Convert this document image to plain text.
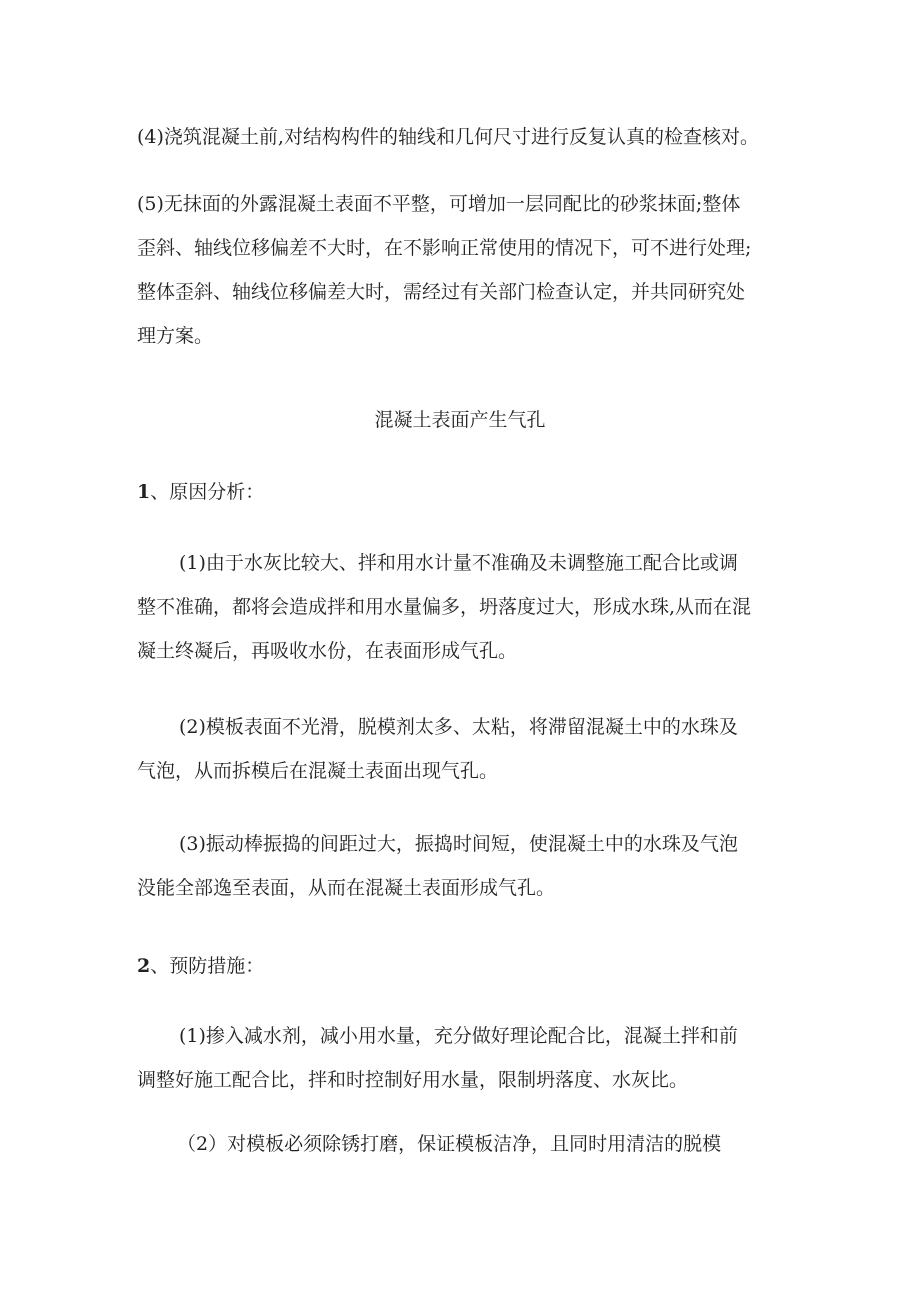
(4)浇筑混凝土前,对结构构件的轴线和几何尺寸进行反复认真的检查核对。

(5)无抹面的外露混凝土表面不平整，可增加一层同配比的砂浆抹面;整体
歪斜、轴线位移偏差不大时，在不影响正常使用的情况下，可不进行处理;
整体歪斜、轴线位移偏差大时，需经过有关部门检查认定，并共同研究处
理方案。

混凝土表面产生气孔

1、原因分析：

(1)由于水灰比较大、拌和用水计量不准确及未调整施工配合比或调
整不准确，都将会造成拌和用水量偏多，坍落度过大，形成水珠,从而在混
凝土终凝后，再吸收水份，在表面形成气孔。

(2)模板表面不光滑，脱模剂太多、太粘，将滞留混凝土中的水珠及
气泡，从而拆模后在混凝土表面出现气孔。

(3)振动棒振捣的间距过大，振捣时间短，使混凝土中的水珠及气泡
没能全部逸至表面，从而在混凝土表面形成气孔。

2、预防措施：

(1)掺入减水剂，减小用水量，充分做好理论配合比，混凝土拌和前
调整好施工配合比，拌和时控制好用水量，限制坍落度、水灰比。

（2）对模板必须除锈打磨，保证模板洁净，且同时用清洁的脱模
